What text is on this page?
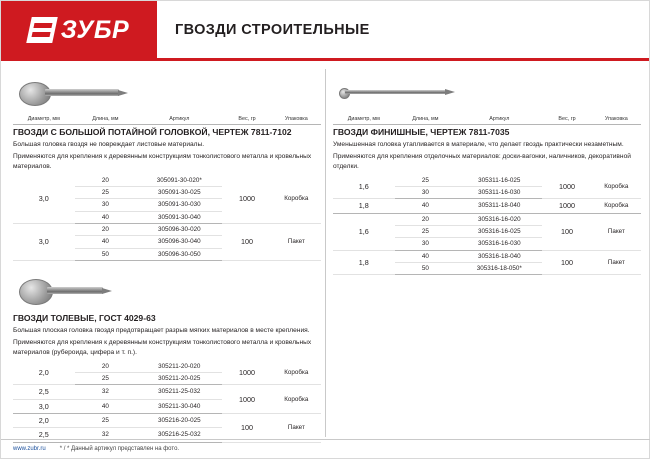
ЗУБР	ГВОЗДИ СТРОИТЕЛЬНЫЕ
Диаметр, мм	Длина, мм	Артикул	Вес, гр	Упаковка
ГВОЗДИ С БОЛЬШОЙ ПОТАЙНОЙ ГОЛОВКОЙ, ЧЕРТЕЖ 7811-7102

Большая головка гвоздя не повреждает листовые материалы.

Применяются для крепления к деревянным конструкциям тонколистового металла и кровельных материалов.

3,0	20	305091-30-020*	1000	Коробка
	25	305091-30-025		
	30	305091-30-030		
	40	305091-30-040		
3,0	20	305096-30-020	100	Пакет
	40	305096-30-040		
	50	305096-30-050		
ГВОЗДИ ТОЛЕВЫЕ, ГОСТ 4029-63

Большая плоская головка гвоздя предотвращает разрыв мягких материалов в месте крепления.

Применяются для крепления к деревянным конструкциям тонколистового металла и кровельных материалов (рубероида, цифера и т. п.).

2,0	20	305211-20-020	1000	Коробка
	25	305211-20-025		
2,5	32	305211-25-032	1000	Коробка
3,0	40	305211-30-040		
2,0	25	305216-20-025	100	Пакет
2,5	32	305216-25-032		
Диаметр, мм	Длина, мм	Артикул	Вес, гр	Упаковка
ГВОЗДИ ФИНИШНЫЕ, ЧЕРТЕЖ 7811-7035

Уменьшенная головка утапливается в материале, что делает гвоздь практически незаметным.

Применяются для крепления отделочных материалов: доски-вагонки, наличников, декоративной отделки.

1,6	25	305311-16-025	1000	Коробка
	30	305311-16-030		
1,8	40	305311-18-040	1000	Коробка
1,6	20	305316-16-020	100	Пакет
	25	305316-16-025		
	30	305316-16-030		
1,8	40	305316-18-040	100	Пакет
	50	305316-18-050*		
www.zubr.ru * / * Данный артикул представлен на фото.
